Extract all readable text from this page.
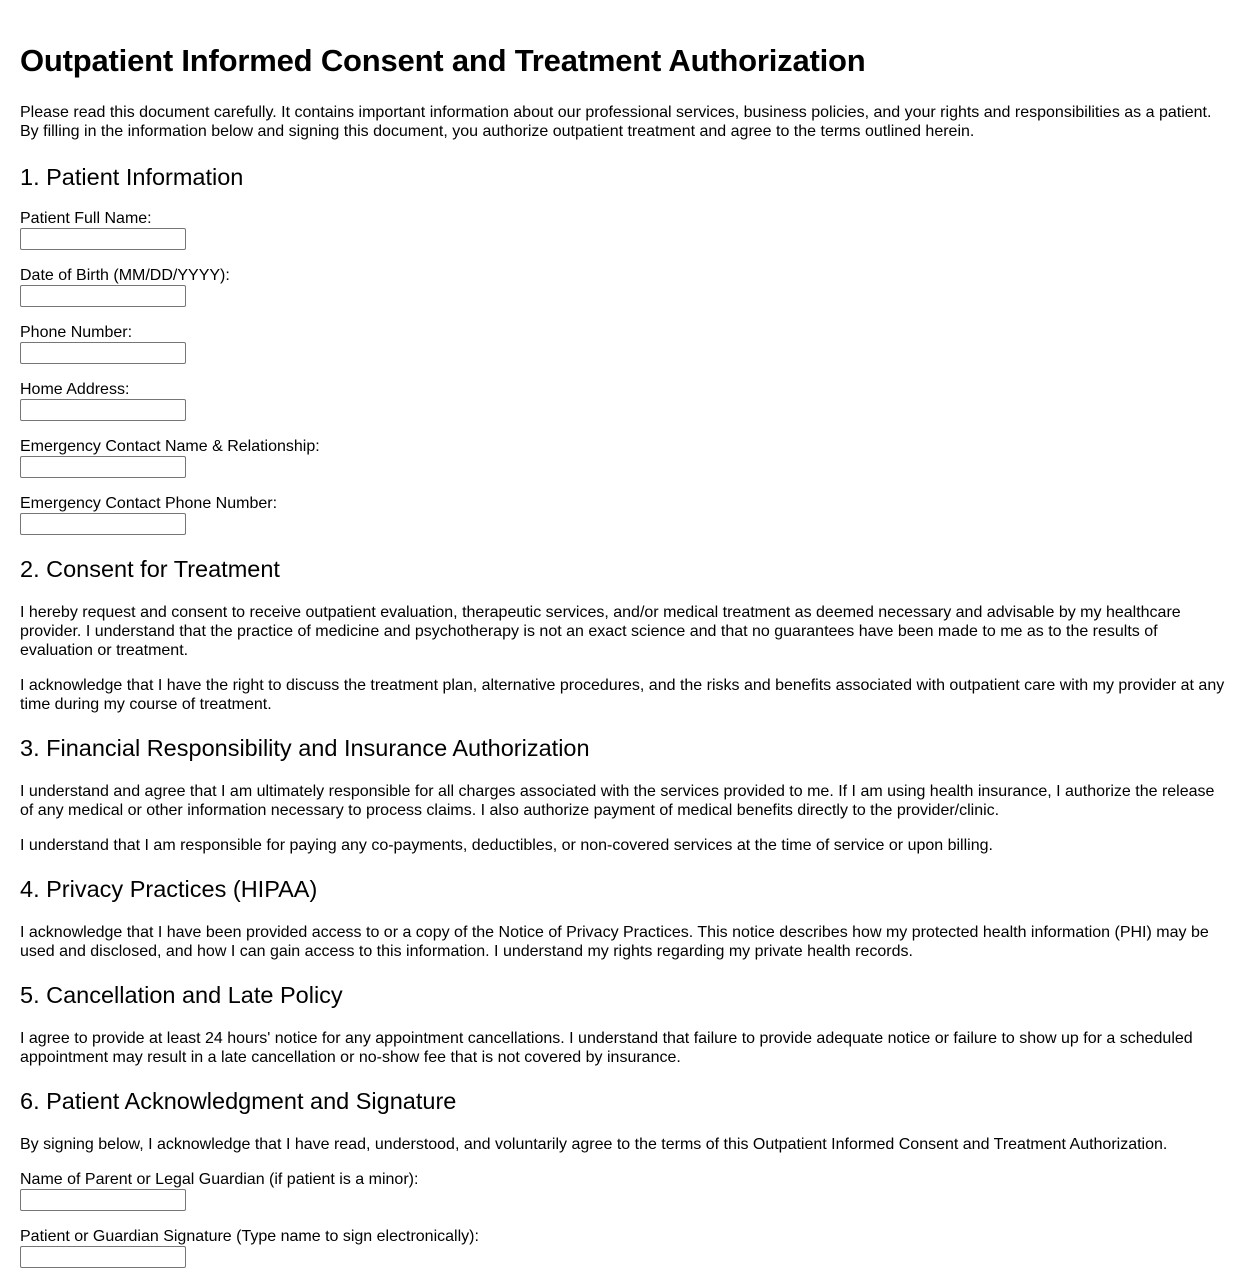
Outpatient Informed Consent and Treatment Authorization

Please read this document carefully. It contains important information about our professional services, business policies, and your rights and responsibilities as a patient.
By filling in the information below and signing this document, you authorize outpatient treatment and agree to the terms outlined herein.

1. Patient Information
Patient Full Name:
Date of Birth (MM/DD/YYYY):
Phone Number:
Home Address:
Emergency Contact Name & Relationship:
Emergency Contact Phone Number:
2. Consent for Treatment

I hereby request and consent to receive outpatient evaluation, therapeutic services, and/or medical treatment as deemed necessary and advisable by my healthcare provider. I understand that the practice of medicine and psychotherapy is not an exact science and that no guarantees have been made to me as to the results of evaluation or treatment.

I acknowledge that I have the right to discuss the treatment plan, alternative procedures, and the risks and benefits associated with outpatient care with my provider at any time during my course of treatment.

3. Financial Responsibility and Insurance Authorization

I understand and agree that I am ultimately responsible for all charges associated with the services provided to me. If I am using health insurance, I authorize the release of any medical or other information necessary to process claims. I also authorize payment of medical benefits directly to the provider/clinic.

I understand that I am responsible for paying any co-payments, deductibles, or non-covered services at the time of service or upon billing.

4. Privacy Practices (HIPAA)

I acknowledge that I have been provided access to or a copy of the Notice of Privacy Practices. This notice describes how my protected health information (PHI) may be used and disclosed, and how I can gain access to this information. I understand my rights regarding my private health records.

5. Cancellation and Late Policy

I agree to provide at least 24 hours' notice for any appointment cancellations. I understand that failure to provide adequate notice or failure to show up for a scheduled appointment may result in a late cancellation or no-show fee that is not covered by insurance.

6. Patient Acknowledgment and Signature

By signing below, I acknowledge that I have read, understood, and voluntarily agree to the terms of this Outpatient Informed Consent and Treatment Authorization.

Name of Parent or Legal Guardian (if patient is a minor):
Patient or Guardian Signature (Type name to sign electronically):
